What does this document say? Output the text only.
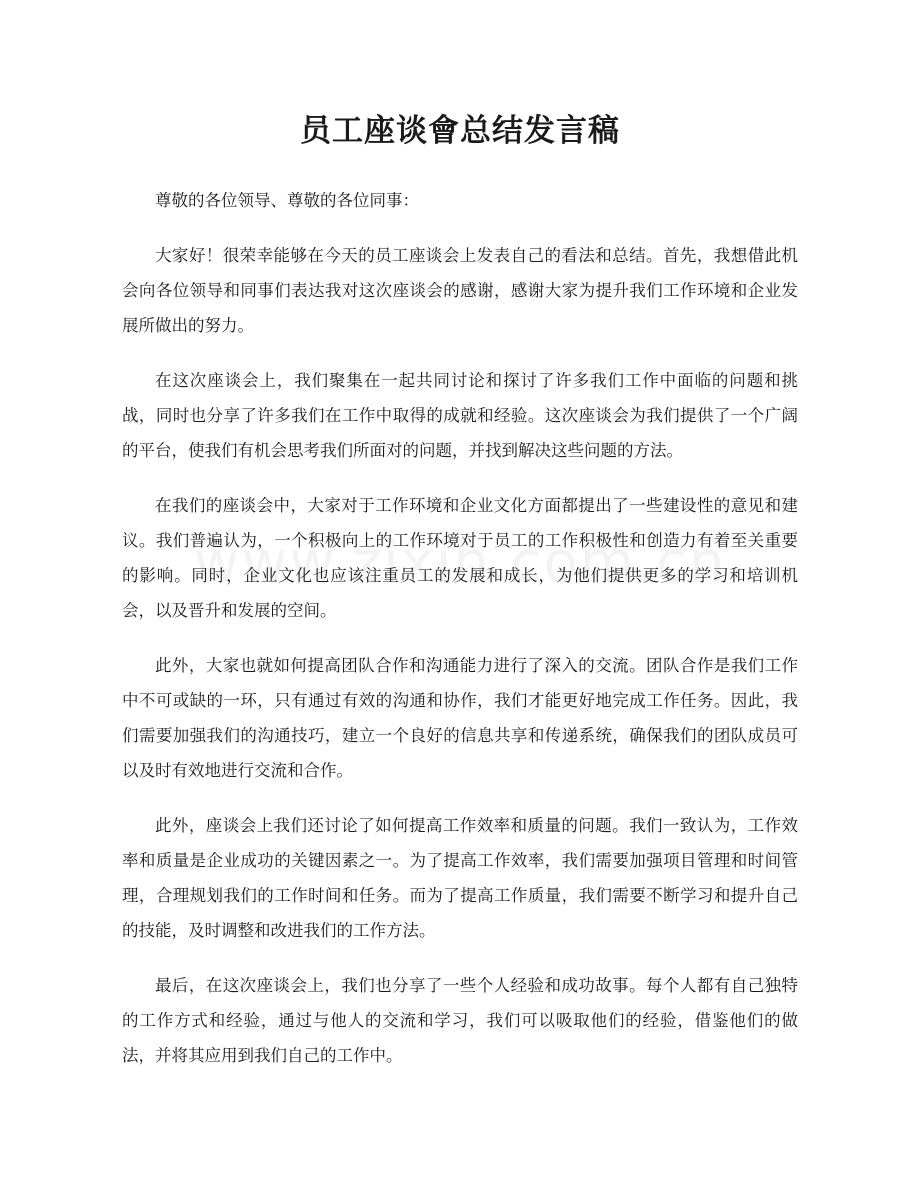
员工座谈會总结发言稿

尊敬的各位领导、尊敬的各位同事：

大家好！很荣幸能够在今天的员工座谈会上发表自己的看法和总结。首先，我想借此机会向各位领导和同事们表达我对这次座谈会的感谢，感谢大家为提升我们工作环境和企业发展所做出的努力。

在这次座谈会上，我们聚集在一起共同讨论和探讨了许多我们工作中面临的问题和挑战，同时也分享了许多我们在工作中取得的成就和经验。这次座谈会为我们提供了一个广阔的平台，使我们有机会思考我们所面对的问题，并找到解决这些问题的方法。

在我们的座谈会中，大家对于工作环境和企业文化方面都提出了一些建设性的意见和建议。我们普遍认为，一个积极向上的工作环境对于员工的工作积极性和创造力有着至关重要的影响。同时，企业文化也应该注重员工的发展和成长，为他们提供更多的学习和培训机会，以及晋升和发展的空间。

此外，大家也就如何提高团队合作和沟通能力进行了深入的交流。团队合作是我们工作中不可或缺的一环，只有通过有效的沟通和协作，我们才能更好地完成工作任务。因此，我们需要加强我们的沟通技巧，建立一个良好的信息共享和传递系统，确保我们的团队成员可以及时有效地进行交流和合作。

此外，座谈会上我们还讨论了如何提高工作效率和质量的问题。我们一致认为，工作效率和质量是企业成功的关键因素之一。为了提高工作效率，我们需要加强项目管理和时间管理，合理规划我们的工作时间和任务。而为了提高工作质量，我们需要不断学习和提升自己的技能，及时调整和改进我们的工作方法。

最后，在这次座谈会上，我们也分享了一些个人经验和成功故事。每个人都有自己独特的工作方式和经验，通过与他人的交流和学习，我们可以吸取他们的经验，借鉴他们的做法，并将其应用到我们自己的工作中。
